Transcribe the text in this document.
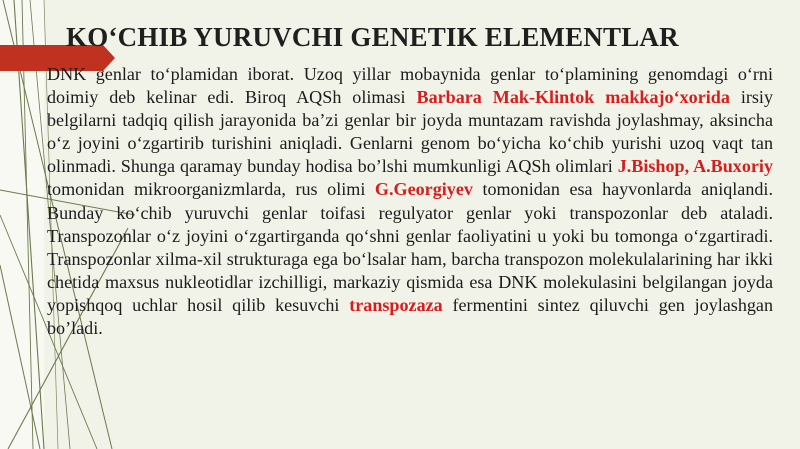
KOʻCHIB YURUVCHI GENETIK ELEMENTLAR
DNK genlar toʻplamidan iborat. Uzoq yillar mobaynida genlar toʻplamining genomdagi oʻrni doimiy deb kelinar edi. Biroq AQSh olimasi Barbara Mak-Klintok makkajoʻxorida irsiy belgilarni tadqiq qilish jarayonida baʼzi genlar bir joyda muntazam ravishda joylashmay, aksincha oʻz joyini oʻzgartirib turishini aniqladi. Genlarni genom boʻyicha koʻchib yurishi uzoq vaqt tan olinmadi. Shunga qaramay bunday hodisa boʼlshi mumkunligi AQSh olimlari J.Bishop, A.Buxoriy tomonidan mikroorganizmlarda, rus olimi G.Georgiyev tomonidan esa hayvonlarda aniqlandi. Bunday koʻchib yuruvchi genlar toifasi regulyator genlar yoki transpozonlar deb ataladi. Transpozonlar oʻz joyini oʻzgartirganda qoʻshni genlar faoliyatini u yoki bu tomonga oʻzgartiradi. Transpozonlar xilma-xil strukturaga ega boʻlsalar ham, barcha transpozon molekulalarining har ikki chetida maxsus nukleotidlar izchilligi, markaziy qismida esa DNK molekulasini belgilangan joyda yopishqoq uchlar hosil qilib kesuvchi transpozaza fermentini sintez qiluvchi gen joylashgan boʼladi.
